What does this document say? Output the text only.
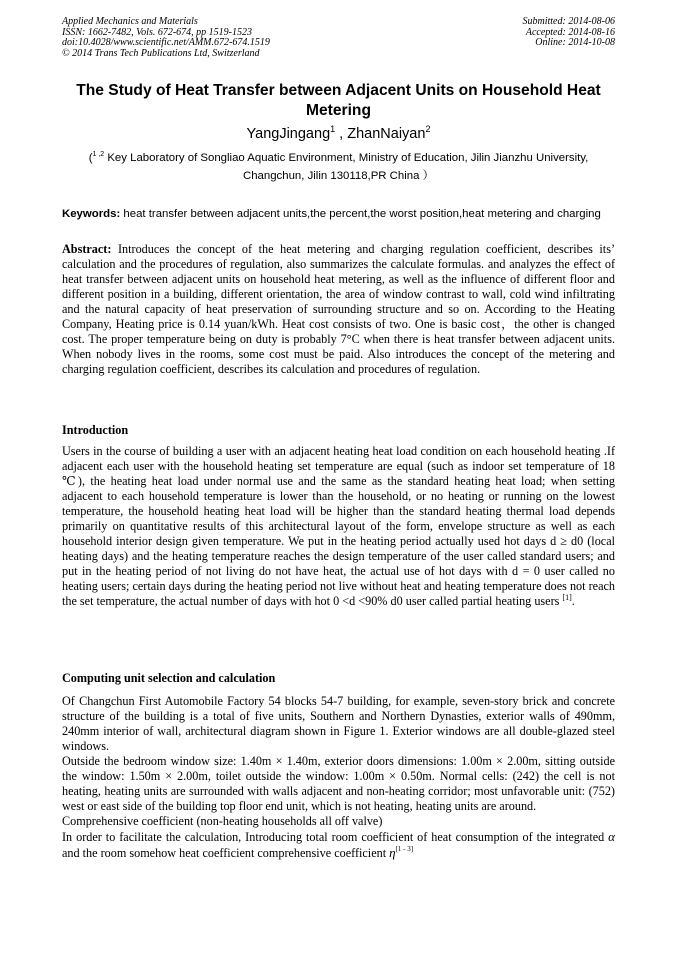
Applied Mechanics and Materials
ISSN: 1662-7482, Vols. 672-674, pp 1519-1523
doi:10.4028/www.scientific.net/AMM.672-674.1519
© 2014 Trans Tech Publications Ltd, Switzerland
Submitted: 2014-08-06
Accepted: 2014-08-16
Online: 2014-10-08
The Study of Heat Transfer between Adjacent Units on Household Heat Metering
YangJingang$^1$ , ZhanNaiyan$^2$
($^{1 ,2}$ Key Laboratory of Songliao Aquatic Environment, Ministry of Education, Jilin Jianzhu University, Changchun, Jilin 130118,PR China ）
Keywords: heat transfer between adjacent units,the percent,the worst position,heat metering and charging
Abstract: Introduces the concept of the heat metering and charging regulation coefficient, describes its’ calculation and the procedures of regulation, also summarizes the calculate formulas. and analyzes the effect of heat transfer between adjacent units on household heat metering, as well as the influence of different floor and different position in a building, different orientation, the area of window contrast to wall, cold wind infiltrating and the natural capacity of heat preservation of surrounding structure and so on. According to the Heating Company, Heating price is 0.14 yuan/kWh. Heat cost consists of two. One is basic cost，the other is changed cost. The proper temperature being on duty is probably 7°C when there is heat transfer between adjacent units. When nobody lives in the rooms, some cost must be paid. Also introduces the concept of the metering and charging regulation coefficient, describes its calculation and procedures of regulation.
Introduction
Users in the course of building a user with an adjacent heating heat load condition on each household heating .If adjacent each user with the household heating set temperature are equal (such as indoor set temperature of 18 ℃), the heating heat load under normal use and the same as the standard heating heat load; when setting adjacent to each household temperature is lower than the household, or no heating or running on the lowest temperature, the household heating heat load will be higher than the standard heating thermal load depends primarily on quantitative results of this architectural layout of the form, envelope structure as well as each household interior design given temperature. We put in the heating period actually used hot days d ≥ d0 (local heating days) and the heating temperature reaches the design temperature of the user called standard users; and put in the heating period of not living do not have heat, the actual use of hot days with d = 0 user called no heating users; certain days during the heating period not live without heat and heating temperature does not reach the set temperature, the actual number of days with hot 0 <d <90% d0 user called partial heating users [1].
Computing unit selection and calculation

Of Changchun First Automobile Factory 54 blocks 54-7 building, for example, seven-story brick and concrete structure of the building is a total of five units, Southern and Northern Dynasties, exterior walls of 490mm, 240mm interior of wall, architectural diagram shown in Figure 1. Exterior windows are all double-glazed steel windows.

Outside the bedroom window size: 1.40m × 1.40m, exterior doors dimensions: 1.00m × 2.00m, sitting outside the window: 1.50m × 2.00m, toilet outside the window: 1.00m × 0.50m. Normal cells: (242) the cell is not heating, heating units are surrounded with walls adjacent and non-heating corridor; most unfavorable unit: (752) west or east side of the building top floor end unit, which is not heating, heating units are around.

Comprehensive coefficient (non-heating households all off valve)

In order to facilitate the calculation, Introducing total room coefficient of heat consumption of the integrated α and the room somehow heat coefficient comprehensive coefficient η[1 - 3]
